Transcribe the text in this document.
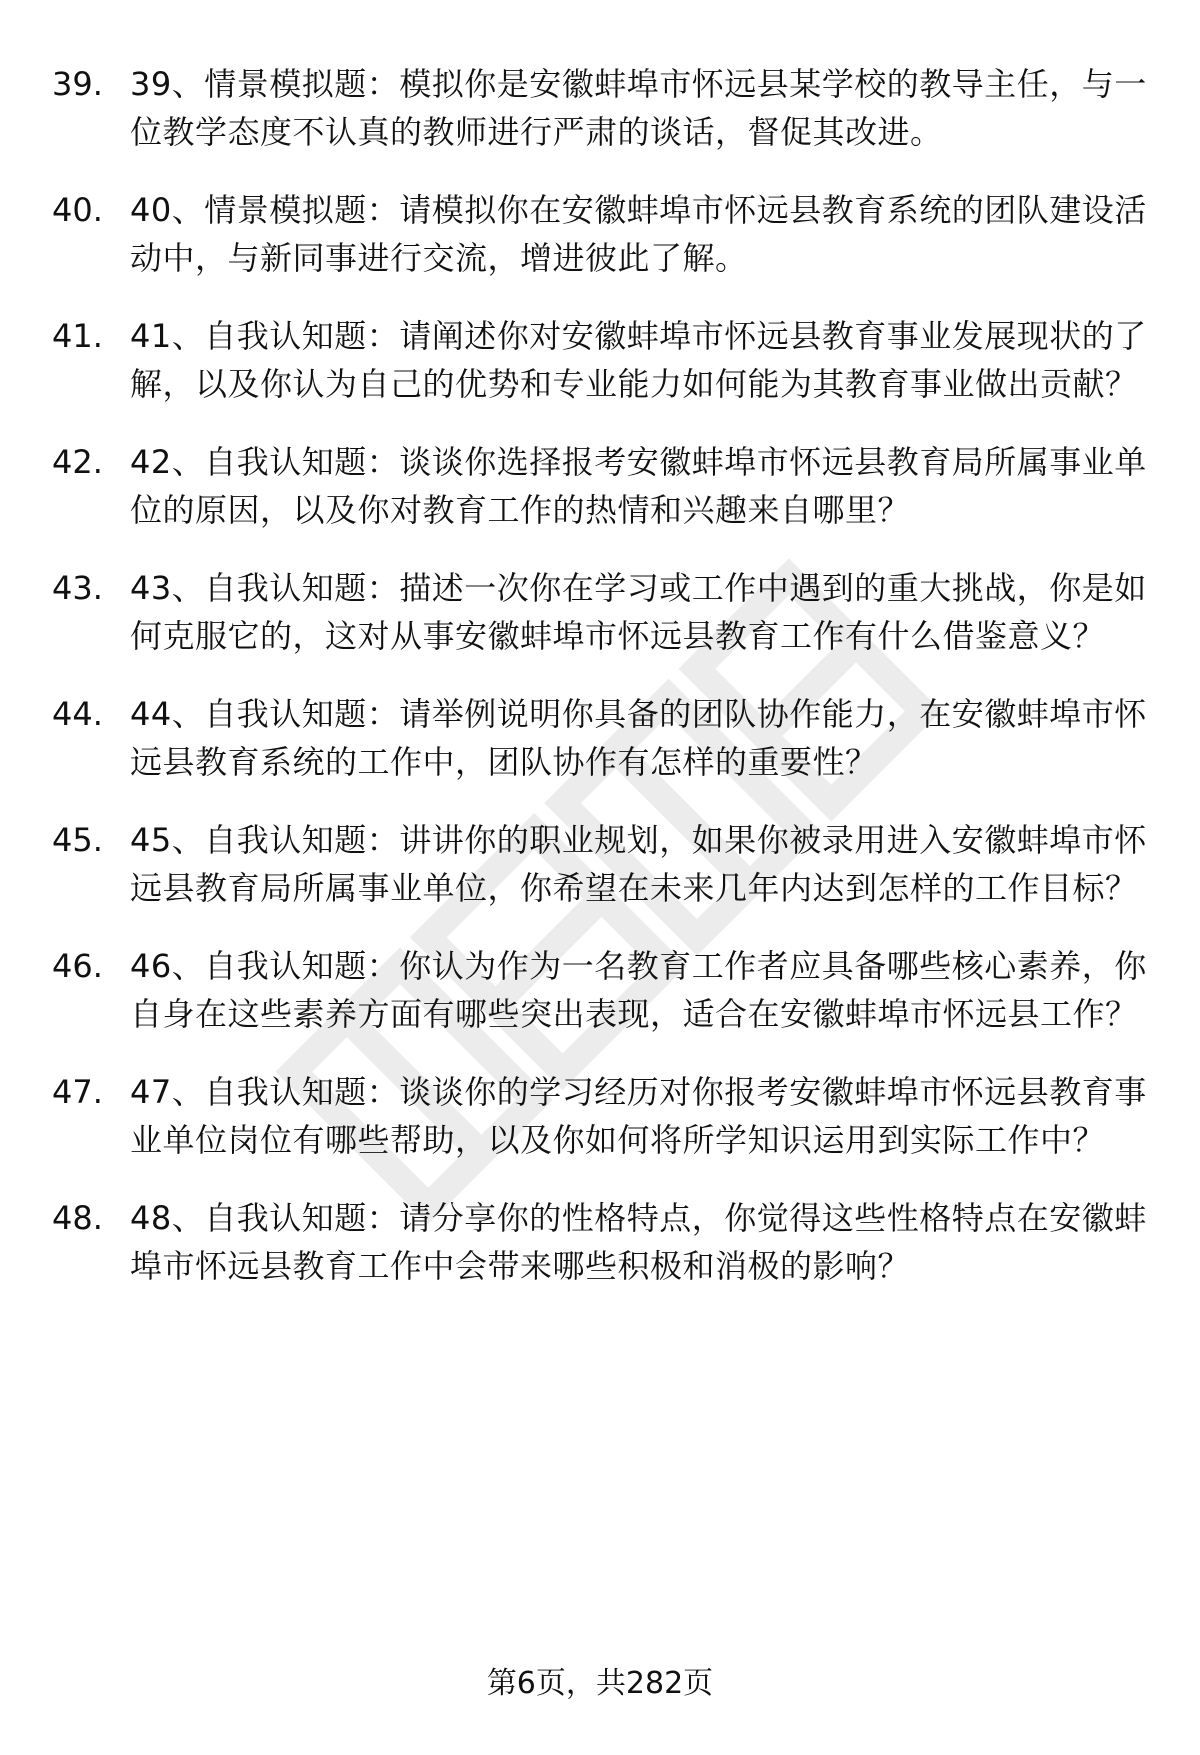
39. 39、情景模拟题：模拟你是安徽蚌埠市怀远县某学校的教导主任，与一位教学态度不认真的教师进行严肃的谈话，督促其改进。
40. 40、情景模拟题：请模拟你在安徽蚌埠市怀远县教育系统的团队建设活动中，与新同事进行交流，增进彼此了解。
41. 41、自我认知题：请阐述你对安徽蚌埠市怀远县教育事业发展现状的了解，以及你认为自己的优势和专业能力如何能为其教育事业做出贡献？
42. 42、自我认知题：谈谈你选择报考安徽蚌埠市怀远县教育局所属事业单位的原因，以及你对教育工作的热情和兴趣来自哪里？
43. 43、自我认知题：描述一次你在学习或工作中遇到的重大挑战，你是如何克服它的，这对从事安徽蚌埠市怀远县教育工作有什么借鉴意义？
44. 44、自我认知题：请举例说明你具备的团队协作能力，在安徽蚌埠市怀远县教育系统的工作中，团队协作有怎样的重要性？
45. 45、自我认知题：讲讲你的职业规划，如果你被录用进入安徽蚌埠市怀远县教育局所属事业单位，你希望在未来几年内达到怎样的工作目标？
46. 46、自我认知题：你认为作为一名教育工作者应具备哪些核心素养，你自身在这些素养方面有哪些突出表现，适合在安徽蚌埠市怀远县工作？
47. 47、自我认知题：谈谈你的学习经历对你报考安徽蚌埠市怀远县教育事业单位岗位有哪些帮助，以及你如何将所学知识运用到实际工作中？
48. 48、自我认知题：请分享你的性格特点，你觉得这些性格特点在安徽蚌埠市怀远县教育工作中会带来哪些积极和消极的影响？
第6页，共282页
